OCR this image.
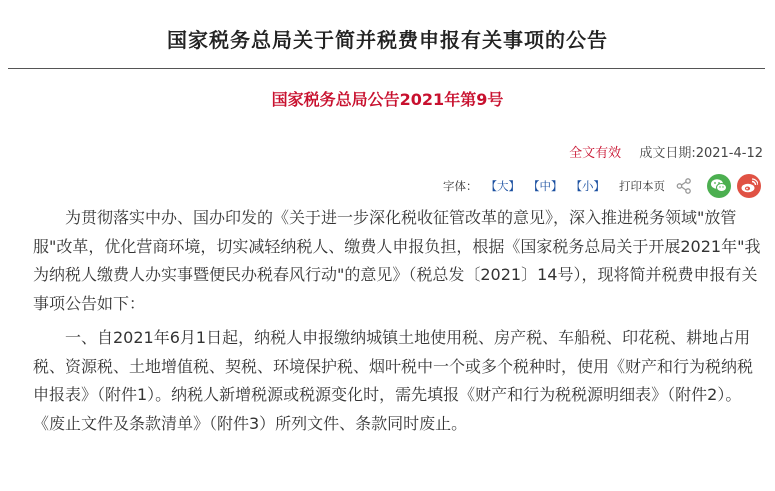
国家税务总局关于简并税费申报有关事项的公告
国家税务总局公告2021年第9号
全文有效 成文日期:2021-4-12
字体： 【大】 【中】 【小】 打印本页

为贯彻落实中办、国办印发的《关于进一步深化税收征管改革的意见》，深入推进税务领域"放管服"改革，优化营商环境，切实减轻纳税人、缴费人申报负担，根据《国家税务总局关于开展2021年"我为纳税人缴费人办实事暨便民办税春风行动"的意见》（税总发〔2021〕14号），现将简并税费申报有关事项公告如下：

一、自2021年6月1日起，纳税人申报缴纳城镇土地使用税、房产税、车船税、印花税、耕地占用税、资源税、土地增值税、契税、环境保护税、烟叶税中一个或多个税种时，使用《财产和行为税纳税申报表》（附件1）。纳税人新增税源或税源变化时，需先填报《财产和行为税税源明细表》（附件2）。《废止文件及条款清单》（附件3）所列文件、条款同时废止。
